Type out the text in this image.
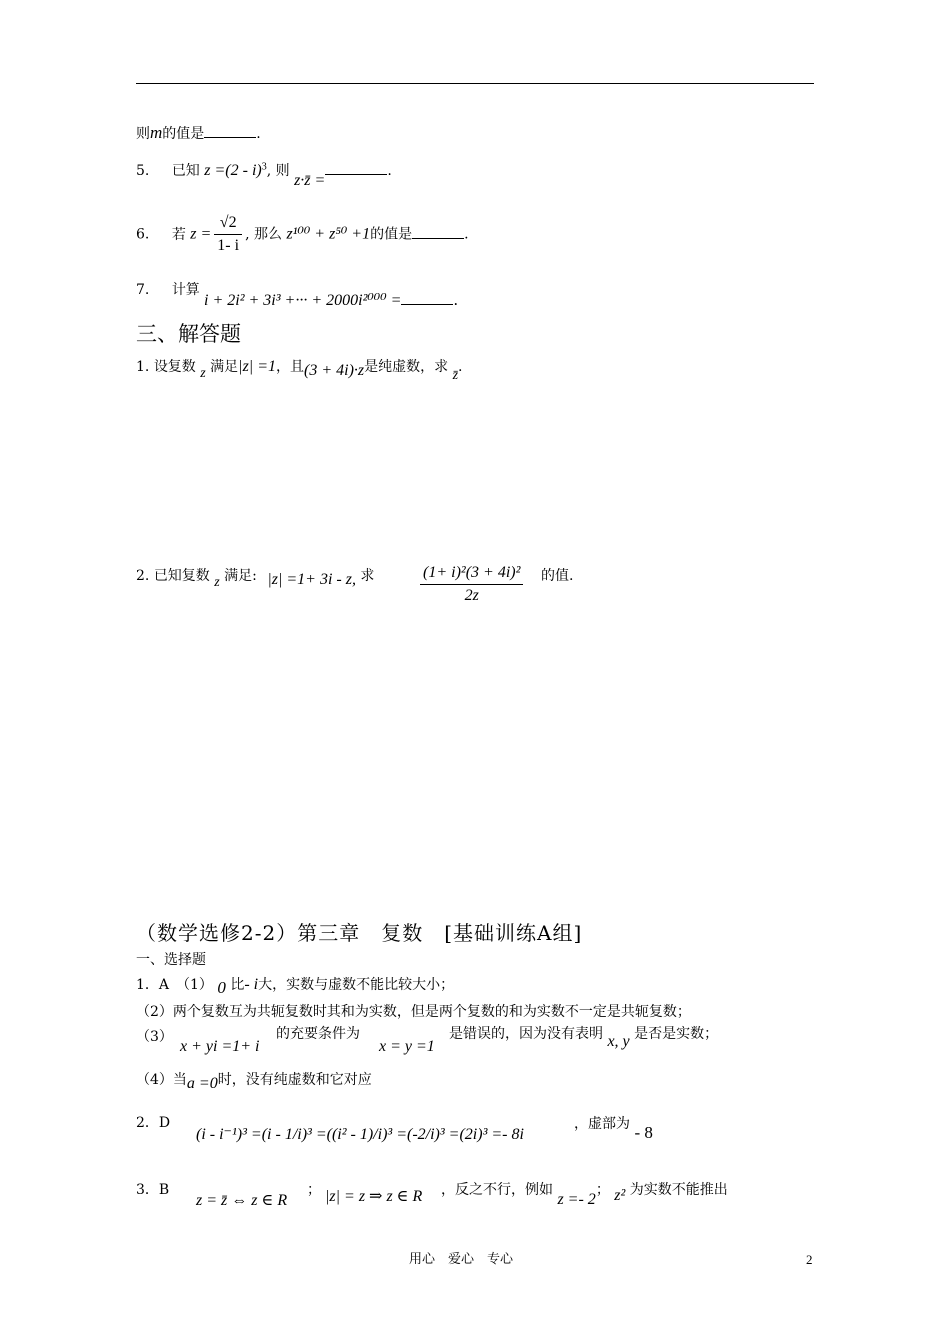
则m的值是	.
5. 已知 z =(2 - i)$^3$, 则 z·z̄ =.
6. 若 $z = \frac{√2}{1- i}$ , 那么 z¹⁰⁰ + z⁵⁰ +1的值是	.
7. 计算
i + 2i² + 3i³ +··· + 2000i²⁰⁰⁰ =	.
三、解答题
1. 设复数 z 满足|z| =1，且(3 + 4i)·z是纯虚数，求 z̄.
2. 已知复数 z 满足: |z| =1+ 3i - z, 求	$\frac{\text{(1+ i)²(3 + 4i)²}}{2z}$ 的值.
（数学选修2-2）第三章　复数　[基础训练A组]
一、选择题
1．A　（1） 0 比- i大，实数与虚数不能比较大小；
（2）两个复数互为共轭复数时其和为实数，但是两个复数的和为实数不一定是共轭复数；
（3）
x + yi =1+ i
的充要条件为
x = y =1
是错误的，因为没有表明 x, y 是否是实数；
（4）当a =0时，没有纯虚数和它对应
2．D
(i - i⁻¹)³ =(i - 1/i)³ =((i² - 1)/i)³ =(-2/i)³ =(2i)³ =- 8i
，虚部为 - 8
3．B
z = z̄ ⇔ z ∈ R
； |z| = z ⇒ z ∈ R ，反之不行，例如 z =- 2； z² 为实数不能推出
用心　爱心　专心	2
